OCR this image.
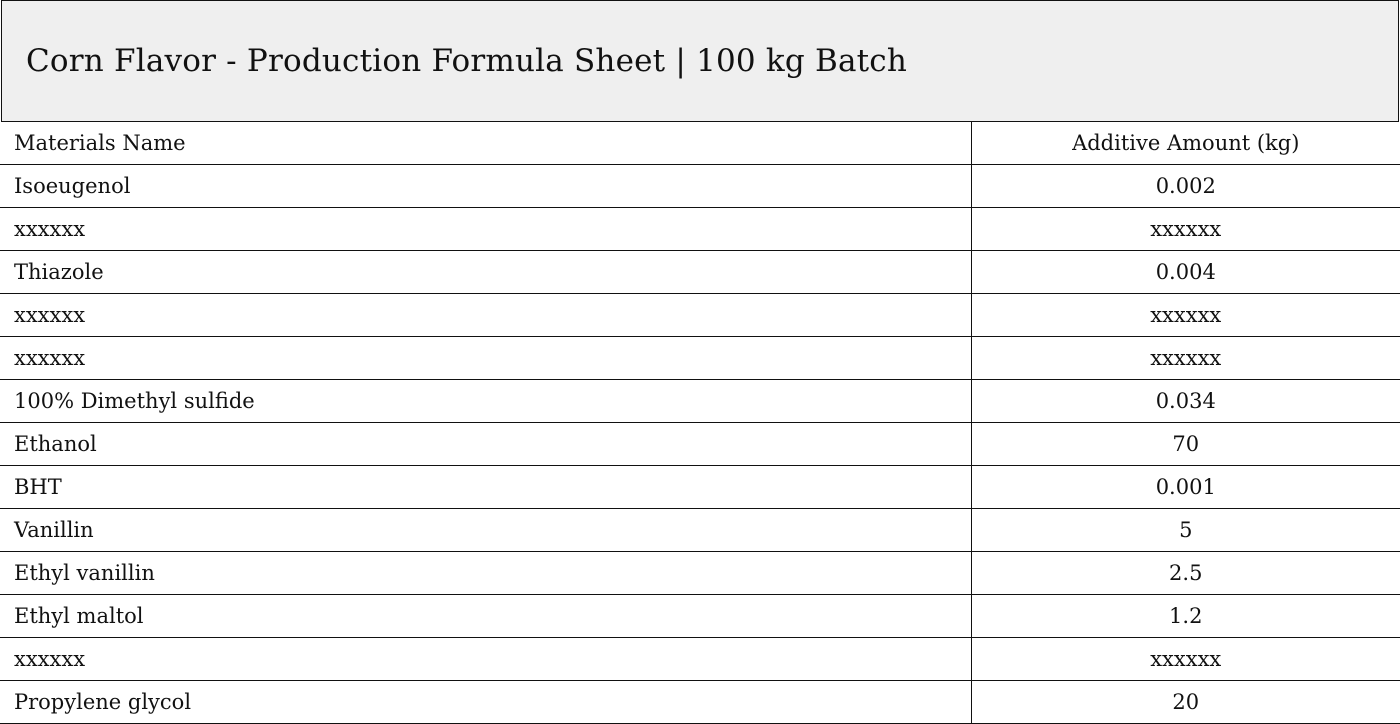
Corn Flavor - Production Formula Sheet | 100 kg Batch
Materials Name	Additive Amount (kg)
Isoeugenol	0.002
xxxxxx	xxxxxx
Thiazole	0.004
xxxxxx	xxxxxx
xxxxxx	xxxxxx
100% Dimethyl sulfide	0.034
Ethanol	70
BHT	0.001
Vanillin	5
Ethyl vanillin	2.5
Ethyl maltol	1.2
xxxxxx	xxxxxx
Propylene glycol	20
